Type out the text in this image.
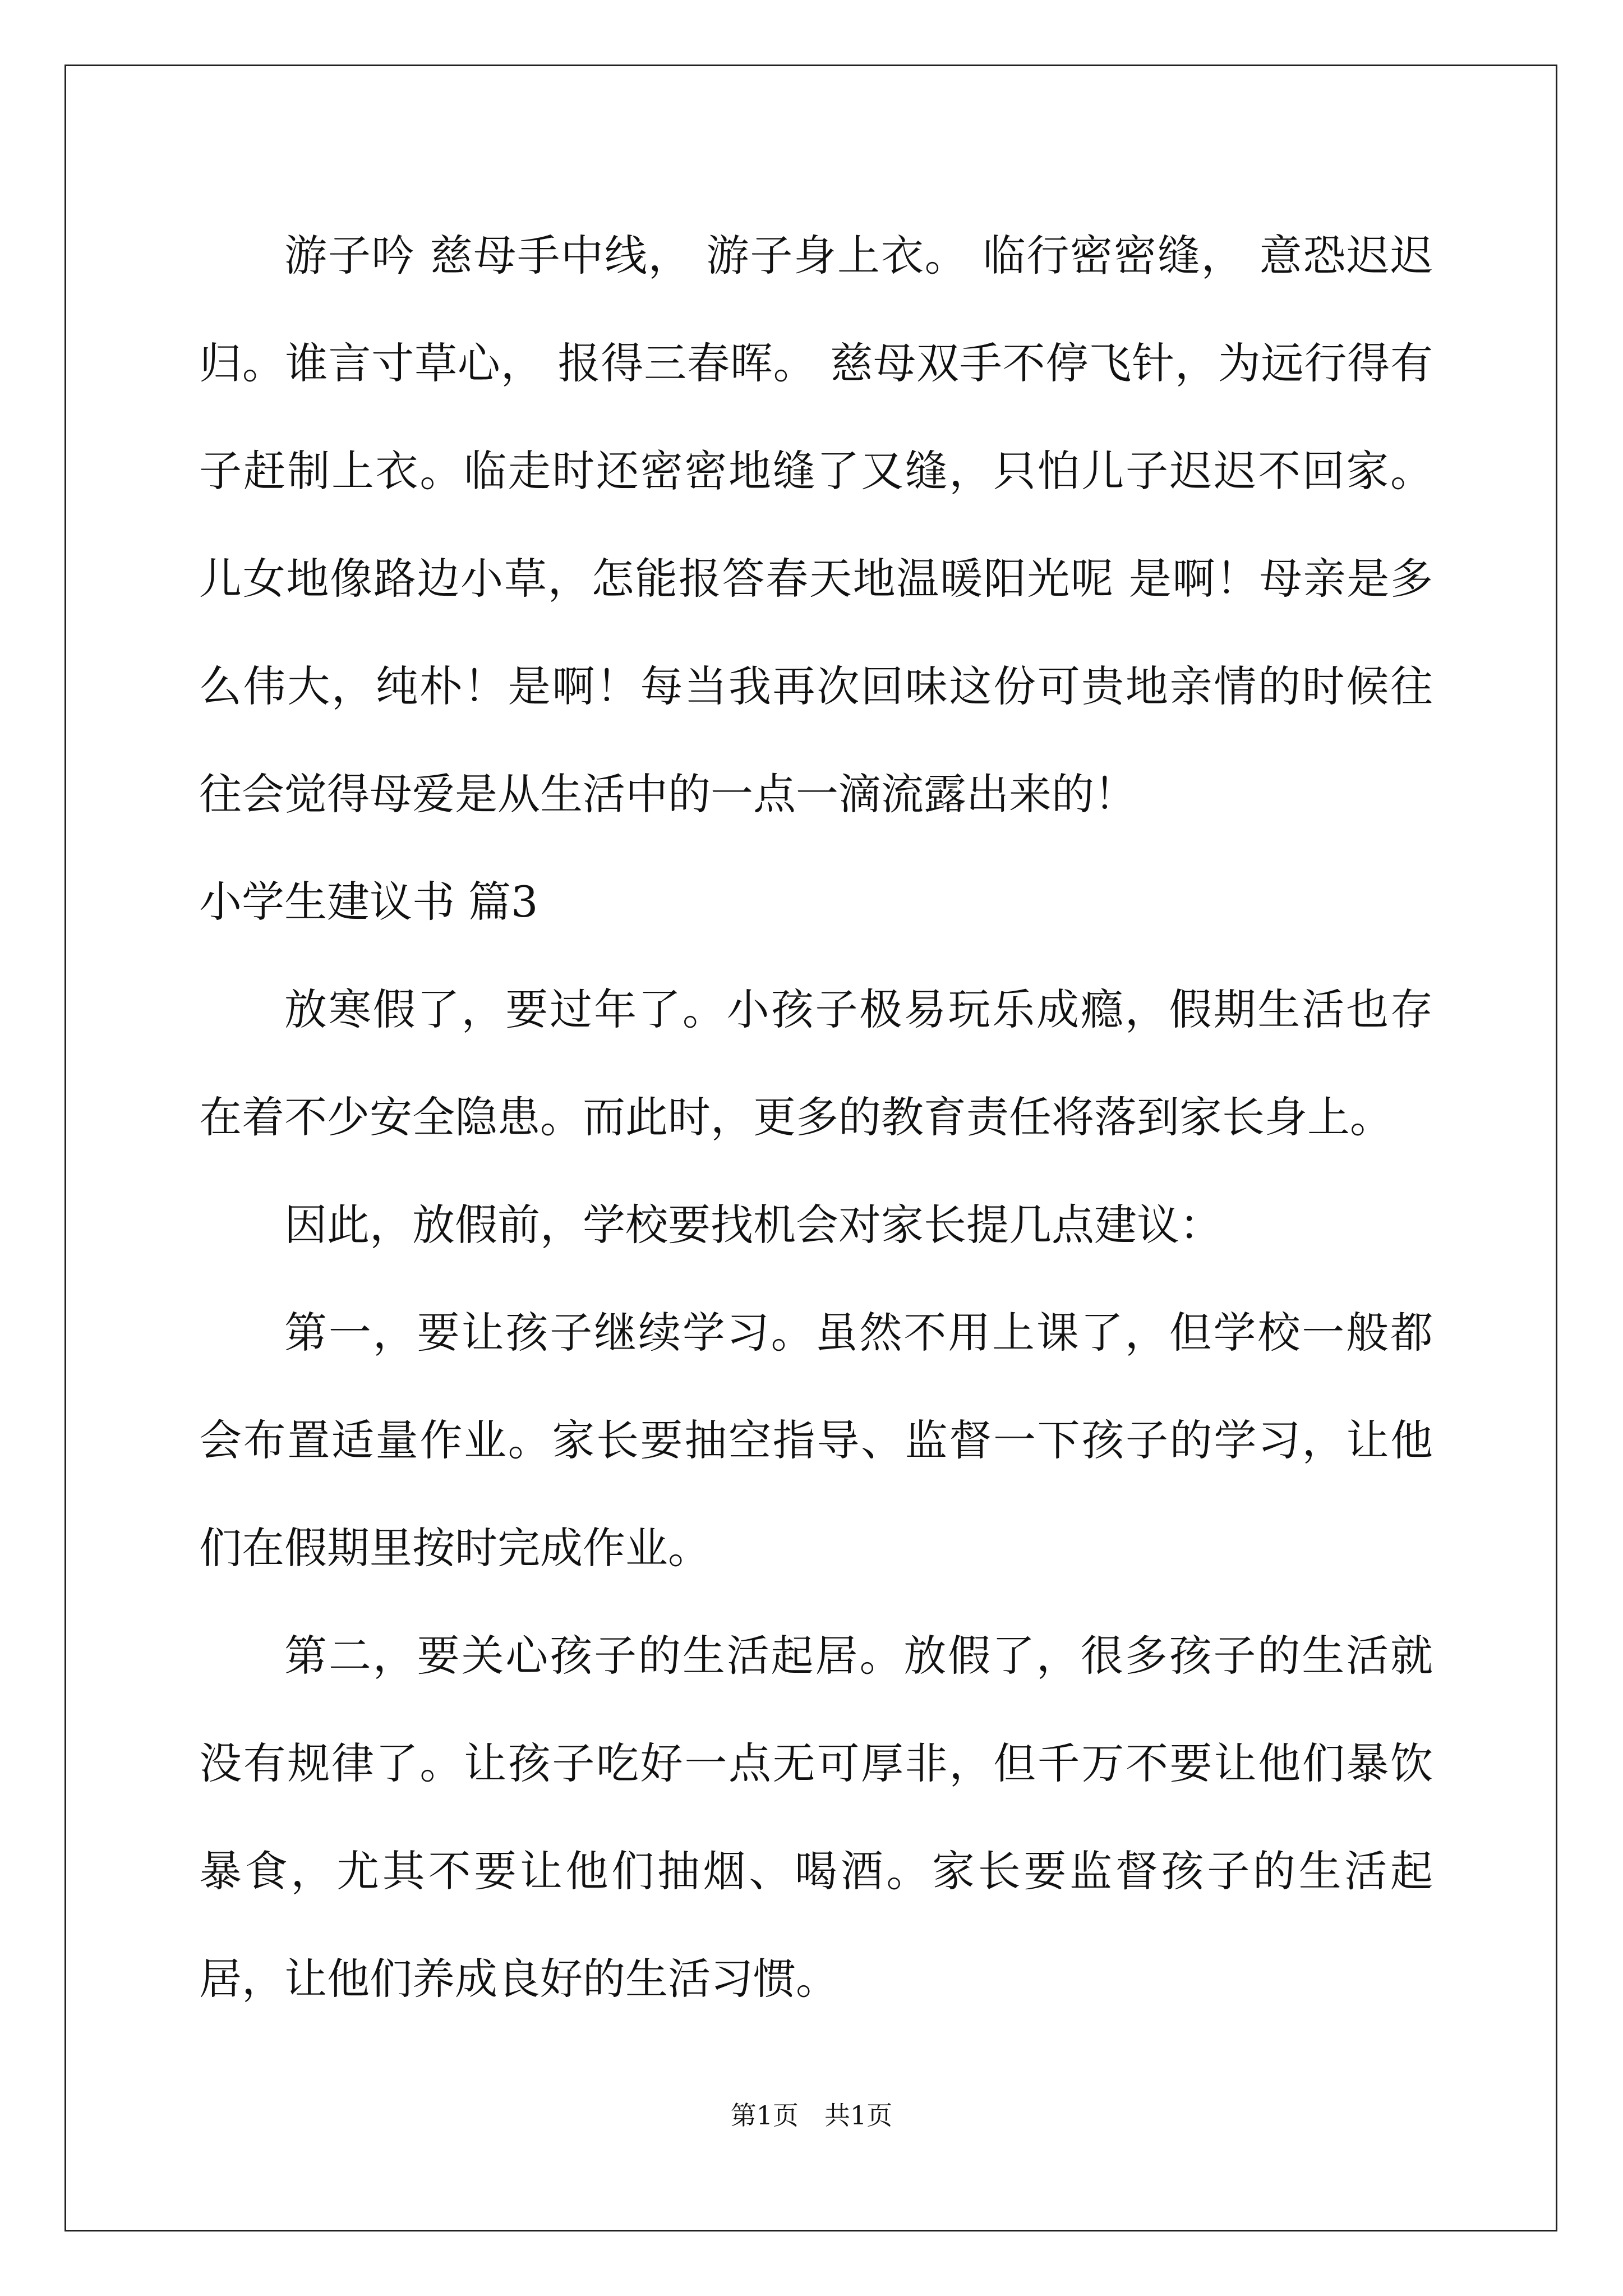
游子吟 慈母手中线， 游子身上衣。 临行密密缝， 意恐迟迟归。谁言寸草心， 报得三春晖。 慈母双手不停飞针，为远行得有子赶制上衣。临走时还密密地缝了又缝，只怕儿子迟迟不回家。 儿女地像路边小草，怎能报答春天地温暖阳光呢 是啊！母亲是多么伟大，纯朴！是啊！每当我再次回味这份可贵地亲情的时候往往会觉得母爱是从生活中的一点一滴流露出来的！

小学生建议书 篇3

放寒假了，要过年了。小孩子极易玩乐成瘾，假期生活也存在着不少安全隐患。而此时，更多的教育责任将落到家长身上。

因此，放假前，学校要找机会对家长提几点建议：

第一，要让孩子继续学习。虽然不用上课了，但学校一般都会布置适量作业。家长要抽空指导、监督一下孩子的学习，让他们在假期里按时完成作业。

第二，要关心孩子的生活起居。放假了，很多孩子的生活就没有规律了。让孩子吃好一点无可厚非，但千万不要让他们暴饮暴食，尤其不要让他们抽烟、喝酒。家长要监督孩子的生活起居，让他们养成良好的生活习惯。

第1页　共1页
